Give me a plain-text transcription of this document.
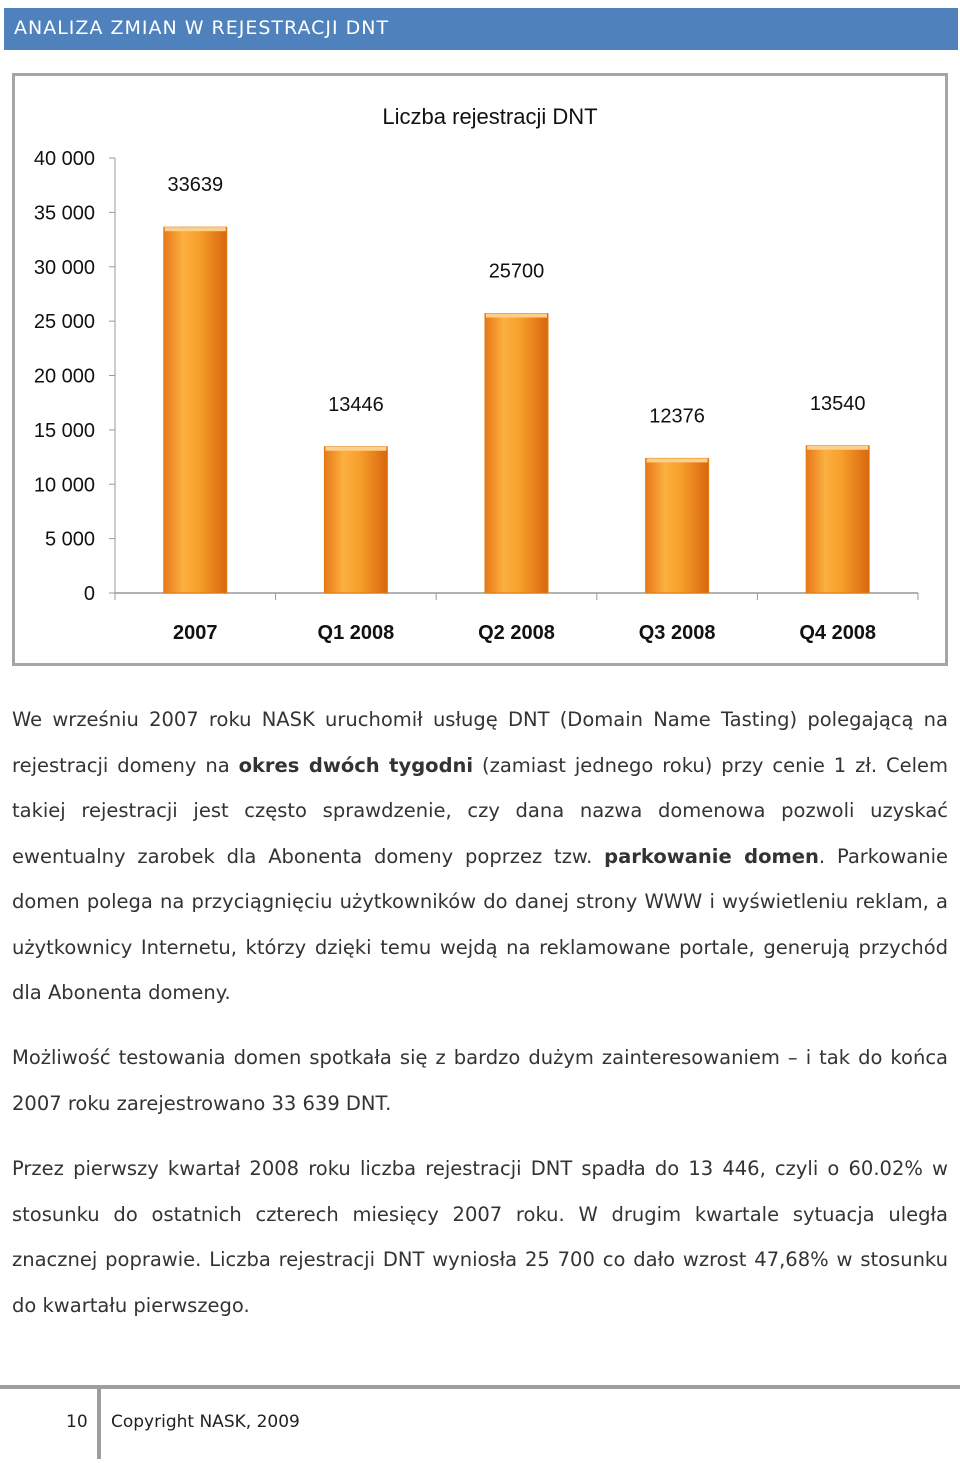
ANALIZA ZMIAN W REJESTRACJI DNT
Liczba rejestracji DNT
0
5 000
10 000
15 000
20 000
25 000
30 000
35 000
40 000
33639
2007
13446
Q1 2008
25700
Q2 2008
12376
Q3 2008
13540
Q4 2008
We wrześniu 2007 roku NASK uruchomił usługę DNT (Domain Name Tasting) polegającą na rejestracji domeny na okres dwóch tygodni (zamiast jednego roku) przy cenie 1 zł. Celem takiej rejestracji jest często sprawdzenie, czy dana nazwa domenowa pozwoli uzyskać ewentualny zarobek dla Abonenta domeny poprzez tzw. parkowanie domen. Parkowanie domen polega na przyciągnięciu użytkowników do danej strony WWW i wyświetleniu reklam, a użytkownicy Internetu, którzy dzięki temu wejdą na reklamowane portale, generują przychód dla Abonenta domeny.
Możliwość testowania domen spotkała się z bardzo dużym zainteresowaniem – i tak do końca 2007 roku zarejestrowano 33 639 DNT.
Przez pierwszy kwartał 2008 roku liczba rejestracji DNT spadła do 13 446, czyli o 60.02% w stosunku do ostatnich czterech miesięcy 2007 roku. W drugim kwartale sytuacja uległa znacznej poprawie. Liczba rejestracji DNT wyniosła 25 700 co dało wzrost 47,68% w stosunku do kwartału pierwszego.
10 Copyright NASK, 2009
